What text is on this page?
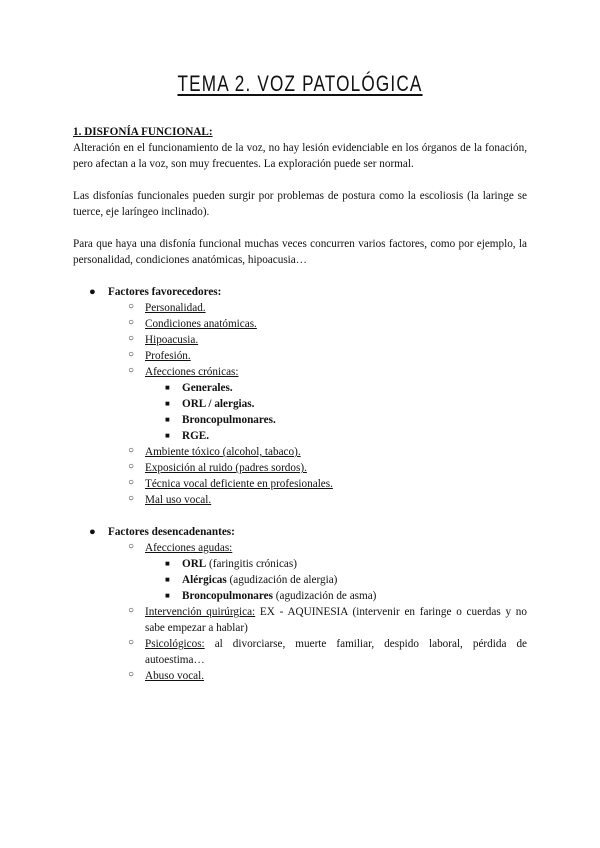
TEMA 2. VOZ PATOLÓGICA
1. DISFONÍA FUNCIONAL:

Alteración en el funcionamiento de la voz, no hay lesión evidenciable en los órganos de la fonación, pero afectan a la voz, son muy frecuentes. La exploración puede ser normal.

Las disfonías funcionales pueden surgir por problemas de postura como la escoliosis (la laringe se tuerce, eje laríngeo inclinado).

Para que haya una disfonía funcional muchas veces concurren varios factores, como por ejemplo, la personalidad, condiciones anatómicas, hipoacusia…

● Factores favorecedores:
○ Personalidad.
○ Condiciones anatómicas.
○ Hipoacusia.
○ Profesión.
○ Afecciones crónicas:
■ Generales.
■ ORL / alergias.
■ Broncopulmonares.
■ RGE.
○ Ambiente tóxico (alcohol, tabaco).
○ Exposición al ruido (padres sordos).
○ Técnica vocal deficiente en profesionales.
○ Mal uso vocal.
● Factores desencadenantes:
○ Afecciones agudas:
■ ORL (faringitis crónicas)
■ Alérgicas (agudización de alergia)
■ Broncopulmonares (agudización de asma)
○ Intervención quirúrgica: EX - AQUINESIA (intervenir en faringe o cuerdas y no sabe empezar a hablar)
○ Psicológicos: al divorciarse, muerte familiar, despido laboral, pérdida de autoestima…
○ Abuso vocal.
